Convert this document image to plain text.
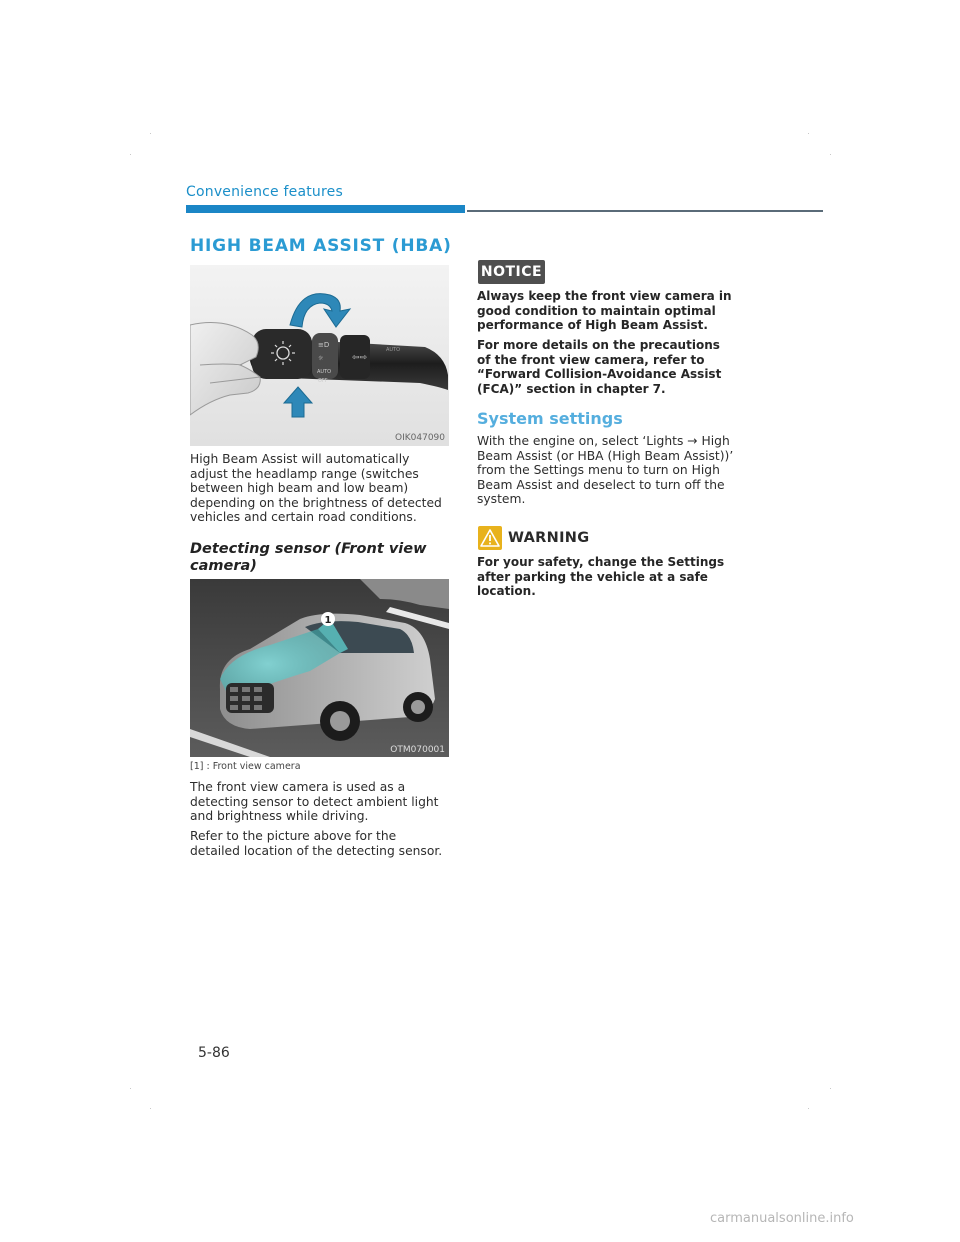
Convenience features
HIGH BEAM ASSIST (HBA)
≡D
☼
AUTO
OFF
⇦⇨
AUTO
OIK047090
High Beam Assist will automatically
adjust the headlamp range (switches
between high beam and low beam)
depending on the brightness of detected
vehicles and certain road conditions.
Detecting sensor (Front view
camera)
1
OTM070001
[1] : Front view camera
The front view camera is used as a
detecting sensor to detect ambient light
and brightness while driving.
Refer to the picture above for the
detailed location of the detecting sensor.
NOTICE
Always keep the front view camera in
good condition to maintain optimal
performance of High Beam Assist.
For more details on the precautions
of the front view camera, refer to
“Forward Collision-Avoidance Assist
(FCA)” section in chapter 7.
System settings
With the engine on, select ‘Lights → High
Beam Assist (or HBA (High Beam Assist))’
from the Settings menu to turn on High
Beam Assist and deselect to turn off the
system.
WARNING
For your safety, change the Settings
after parking the vehicle at a safe
location.
5-86
carmanualsonline.info
